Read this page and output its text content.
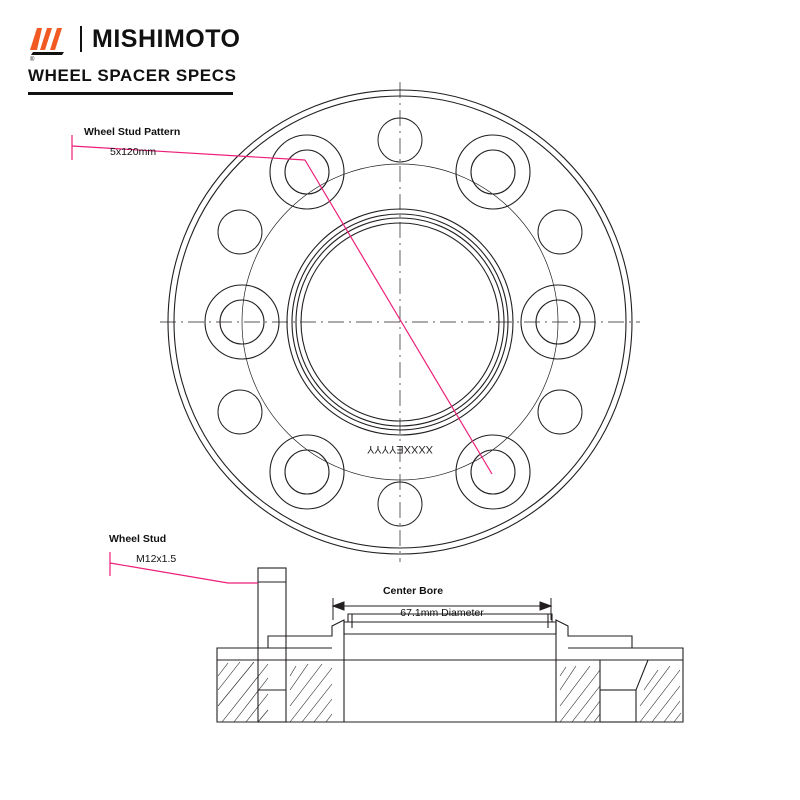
®
MISHIMOTO
WHEEL SPACER SPECS
XXXXEYYYY
Wheel Stud Pattern
5x120mm
Wheel Stud
M12x1.5
Center Bore
67.1mm Diameter
